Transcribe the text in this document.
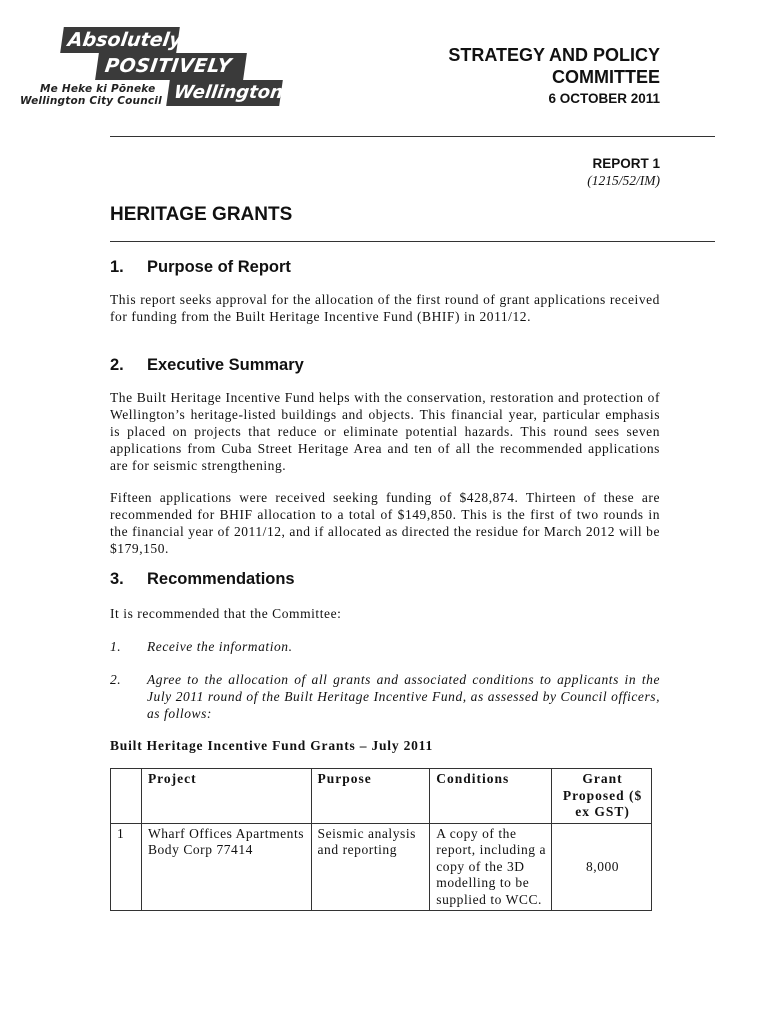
Absolutely
POSITIVELY
Wellington
Me Heke ki Pōneke
Wellington City Council
STRATEGY AND POLICY
COMMITTEE
6 OCTOBER 2011
REPORT 1
(1215/52/IM)
HERITAGE GRANTS
1. Purpose of Report
This report seeks approval for the allocation of the first round of grant applications received for funding from the Built Heritage Incentive Fund (BHIF) in 2011/12.
2. Executive Summary
The Built Heritage Incentive Fund helps with the conservation, restoration and protection of Wellington’s heritage-listed buildings and objects. This financial year, particular emphasis is placed on projects that reduce or eliminate potential hazards. This round sees seven applications from Cuba Street Heritage Area and ten of all the recommended applications are for seismic strengthening.
Fifteen applications were received seeking funding of $428,874. Thirteen of these are recommended for BHIF allocation to a total of $149,850. This is the first of two rounds in the financial year of 2011/12, and if allocated as directed the residue for March 2012 will be $179,150.
3. Recommendations
It is recommended that the Committee:
1. Receive the information.
2. Agree to the allocation of all grants and associated conditions to applicants in the July 2011 round of the Built Heritage Incentive Fund, as assessed by Council officers, as follows:
Built Heritage Incentive Fund Grants – July 2011
	Project	Purpose	Conditions	Grant Proposed ($ ex GST)
1	Wharf Offices Apartments Body Corp 77414	Seismic analysis and reporting	A copy of the report, including a copy of the 3D modelling to be supplied to WCC.	8,000
